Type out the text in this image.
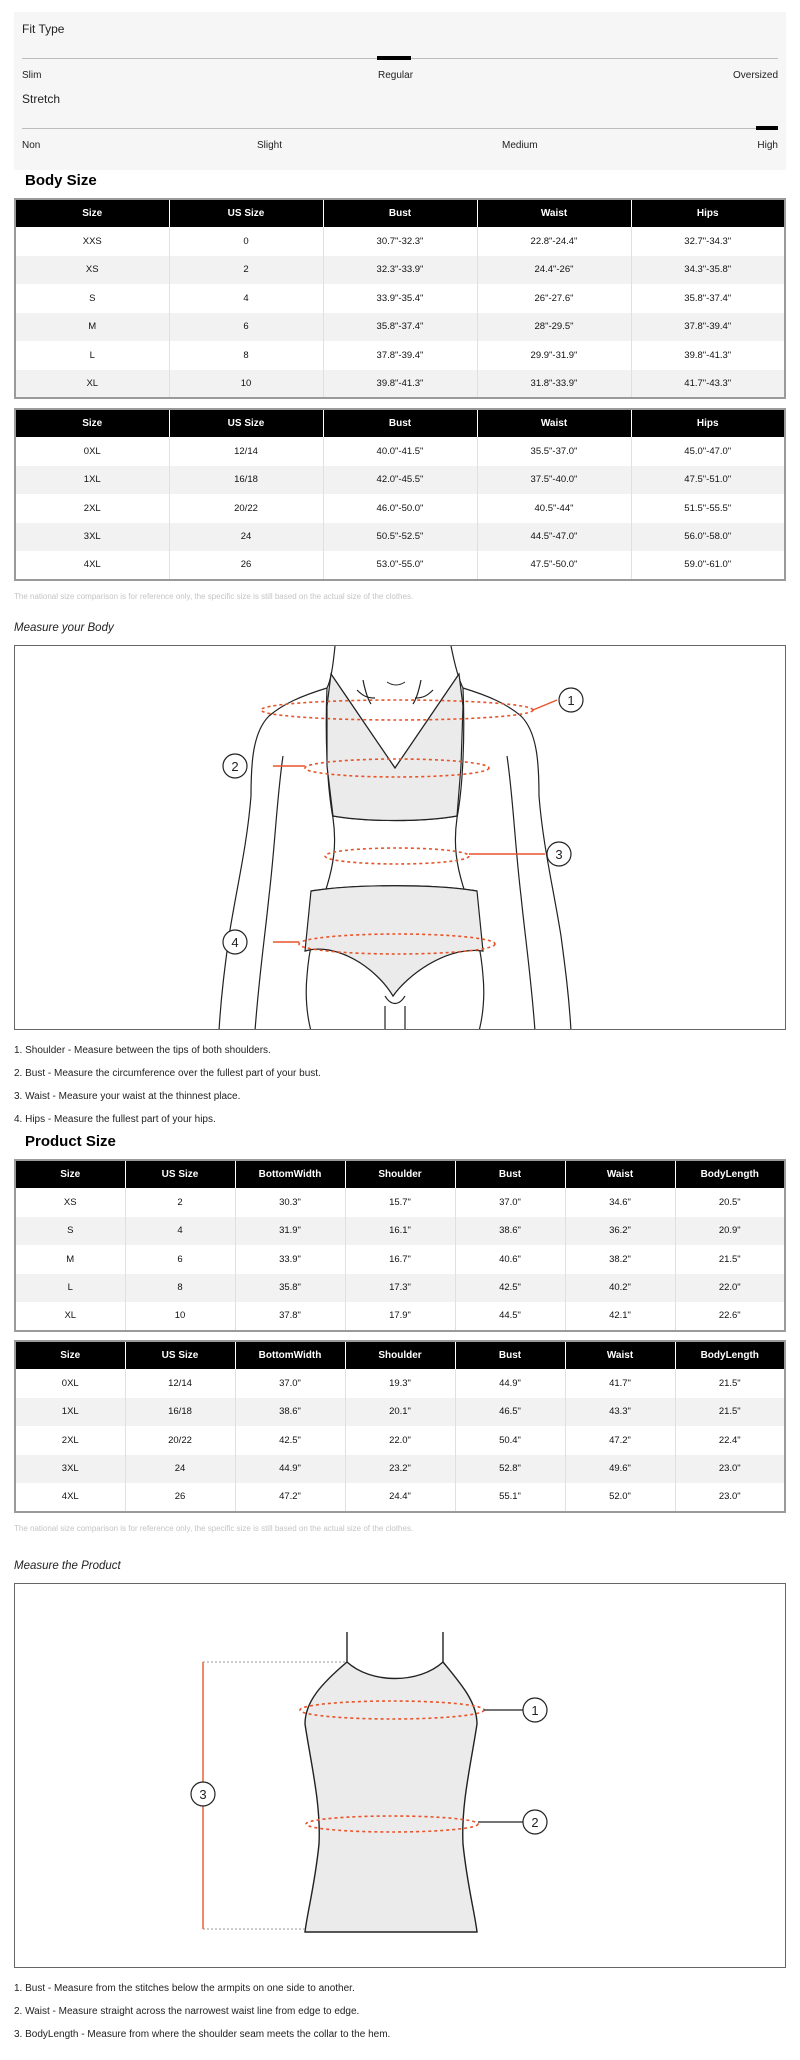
Fit Type
Slim	Regular	Oversized
Stretch
Non	Slight	Medium	High
Body Size
Size	US Size	Bust	Waist	Hips
XXS	0	30.7"-32.3"	22.8"-24.4"	32.7"-34.3"
XS	2	32.3"-33.9"	24.4"-26"	34.3"-35.8"
S	4	33.9"-35.4"	26"-27.6"	35.8"-37.4"
M	6	35.8"-37.4"	28"-29.5"	37.8"-39.4"
L	8	37.8"-39.4"	29.9"-31.9"	39.8"-41.3"
XL	10	39.8"-41.3"	31.8"-33.9"	41.7"-43.3"
Size	US Size	Bust	Waist	Hips
0XL	12/14	40.0"-41.5"	35.5"-37.0"	45.0"-47.0"
1XL	16/18	42.0"-45.5"	37.5"-40.0"	47.5"-51.0"
2XL	20/22	46.0"-50.0"	40.5"-44"	51.5"-55.5"
3XL	24	50.5"-52.5"	44.5"-47.0"	56.0"-58.0"
4XL	26	53.0"-55.0"	47.5"-50.0"	59.0"-61.0"
The national size comparison is for reference only, the specific size is still based on the actual size of the clothes.
Measure your Body
1
2
3
4
1. Shoulder - Measure between the tips of both shoulders.
2. Bust - Measure the circumference over the fullest part of your bust.
3. Waist - Measure your waist at the thinnest place.
4. Hips - Measure the fullest part of your hips.
Product Size
Size	US Size	BottomWidth	Shoulder	Bust	Waist	BodyLength
XS	2	30.3"	15.7"	37.0"	34.6"	20.5"
S	4	31.9"	16.1"	38.6"	36.2"	20.9"
M	6	33.9"	16.7"	40.6"	38.2"	21.5"
L	8	35.8"	17.3"	42.5"	40.2"	22.0"
XL	10	37.8"	17.9"	44.5"	42.1"	22.6"
Size	US Size	BottomWidth	Shoulder	Bust	Waist	BodyLength
0XL	12/14	37.0"	19.3"	44.9"	41.7"	21.5"
1XL	16/18	38.6"	20.1"	46.5"	43.3"	21.5"
2XL	20/22	42.5"	22.0"	50.4"	47.2"	22.4"
3XL	24	44.9"	23.2"	52.8"	49.6"	23.0"
4XL	26	47.2"	24.4"	55.1"	52.0"	23.0"
The national size comparison is for reference only, the specific size is still based on the actual size of the clothes.
Measure the Product
1
2
3
1. Bust - Measure from the stitches below the armpits on one side to another.
2. Waist - Measure straight across the narrowest waist line from edge to edge.
3. BodyLength - Measure from where the shoulder seam meets the collar to the hem.
